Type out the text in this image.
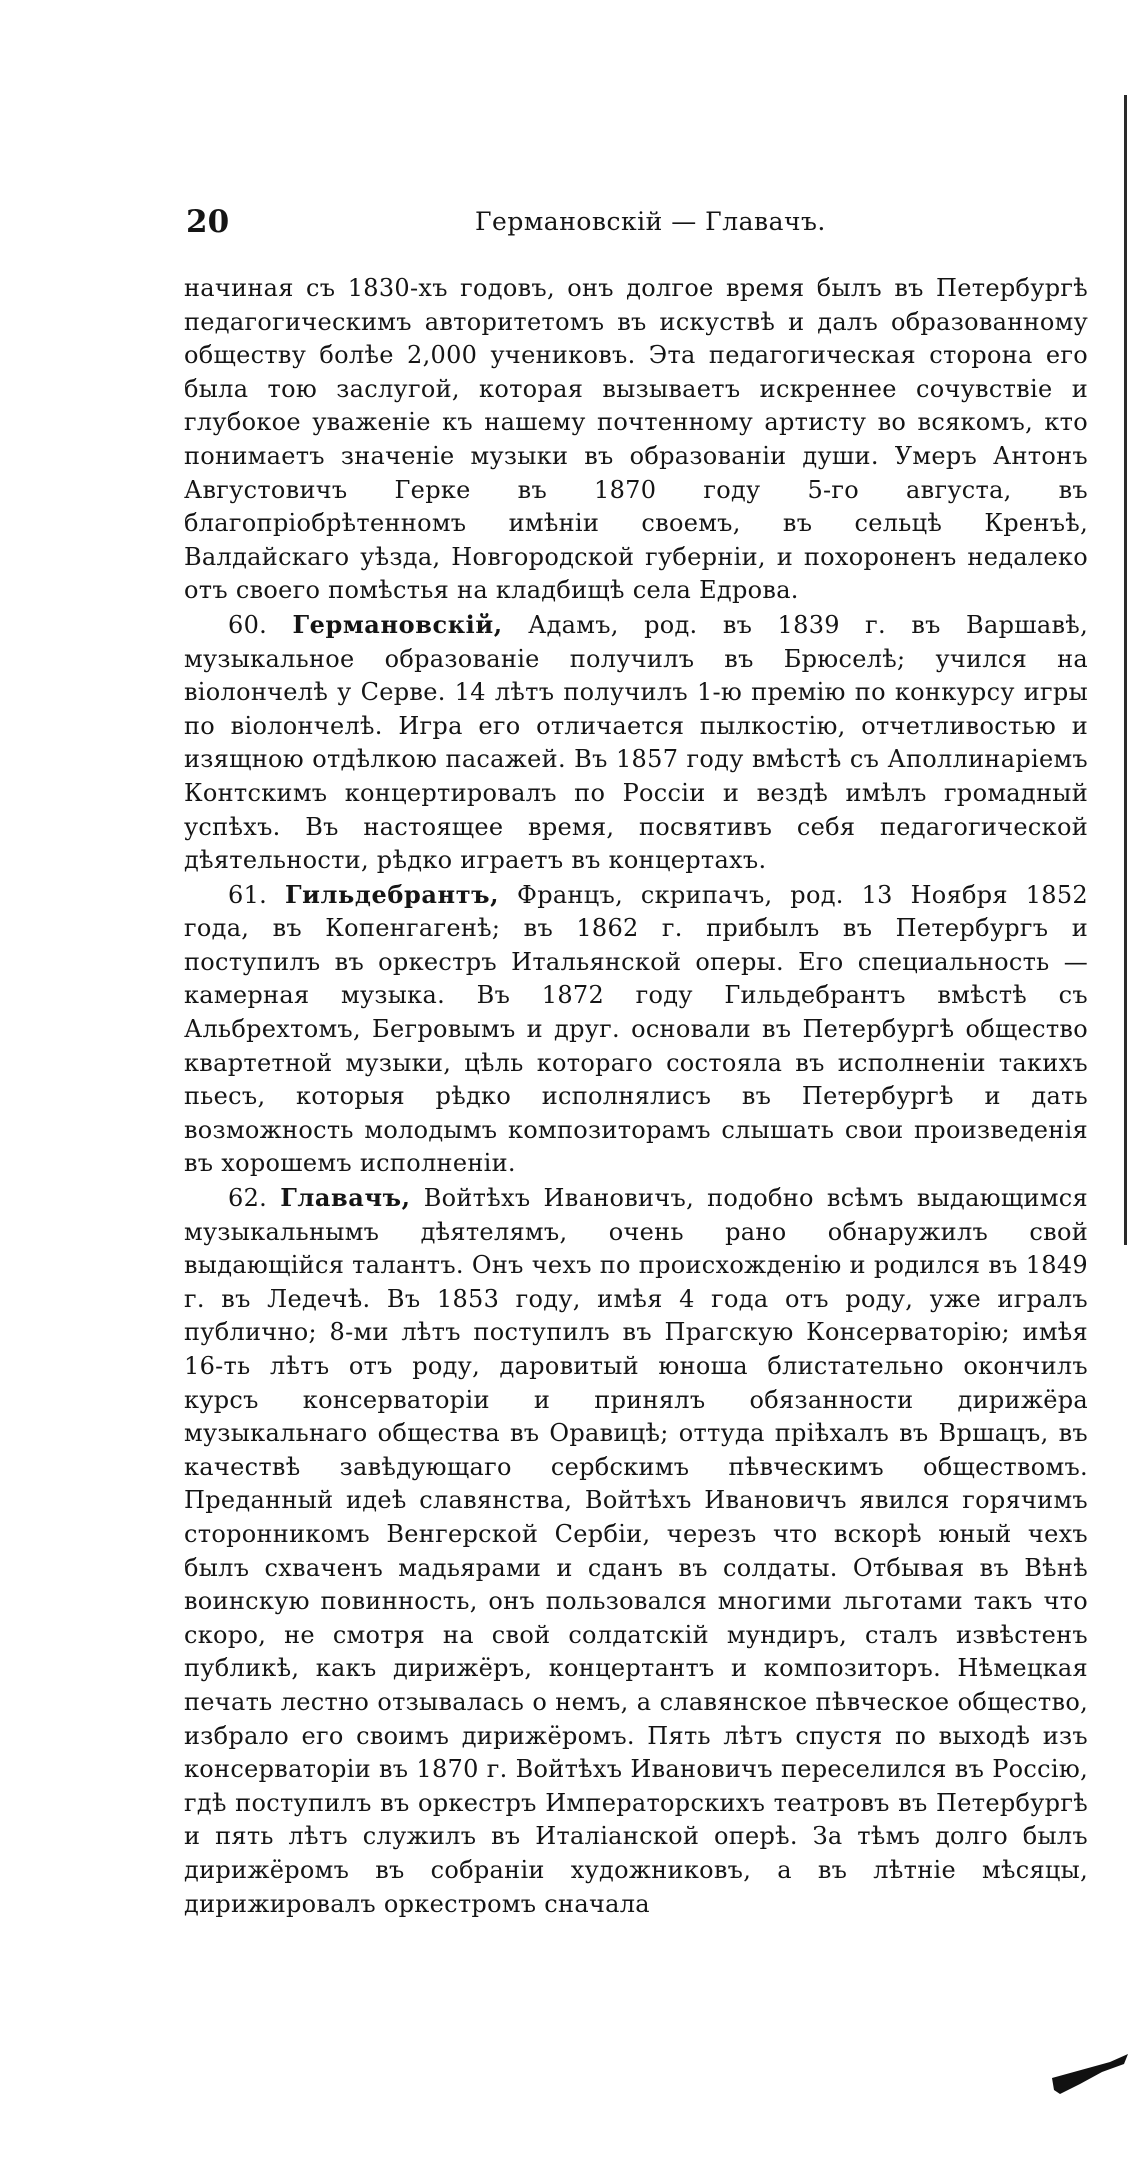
20	Германовскiй — Главачъ.

начиная съ 1830-хъ годовъ, онъ долгое время былъ въ Петербургѣ педагогическимъ авторитетомъ въ искуствѣ и далъ образованному обществу болѣе 2,000 учениковъ. Эта педагогическая сторона его была тою заслугой, которая вызываетъ искреннее сочувствiе и глубокое уваженiе къ нашему почтенному артисту во всякомъ, кто понимаетъ значенiе музыки въ образованiи души. Умеръ Антонъ Августовичъ Герке въ 1870 году 5-го августа, въ благопрiобрѣтенномъ имѣнiи своемъ, въ сельцѣ Кренъѣ, Валдайскаго уѣзда, Новгородской губернiи, и похороненъ недалеко отъ своего помѣстья на кладбищѣ села Едрова.

60. Германовскiй, Адамъ, род. въ 1839 г. въ Варшавѣ, музыкальное образованiе получилъ въ Брюселѣ; учился на вiолончелѣ у Серве. 14 лѣтъ получилъ 1-ю премiю по конкурсу игры по вiолончелѣ. Игра его отличается пылкостiю, отчетливостью и изящною отдѣлкою пасажей. Въ 1857 году вмѣстѣ съ Аполлинарiемъ Контскимъ концертировалъ по Россiи и вездѣ имѣлъ громадный успѣхъ. Въ настоящее время, посвятивъ себя педагогической дѣятельности, рѣдко играетъ въ концертахъ.

61. Гильдебрантъ, Францъ, скрипачъ, род. 13 Ноября 1852 года, въ Копенгагенѣ; въ 1862 г. прибылъ въ Петербургъ и поступилъ въ оркестръ Итальянской оперы. Его специальность — камерная музыка. Въ 1872 году Гильдебрантъ вмѣстѣ съ Альбрехтомъ, Бегровымъ и друг. основали въ Петербургѣ общество квартетной музыки, цѣль котораго состояла въ исполненiи такихъ пьесъ, которыя рѣдко исполнялисъ въ Петербургѣ и дать возможность молодымъ композиторамъ слышать свои произведенiя въ хорошемъ исполненiи.

62. Главачъ, Войтѣхъ Ивановичъ, подобно всѣмъ выдающимся музыкальнымъ дѣятелямъ, очень рано обнаружилъ свой выдающiйся талантъ. Онъ чехъ по происхожденiю и родился въ 1849 г. въ Ледечѣ. Въ 1853 году, имѣя 4 года отъ роду, уже игралъ публично; 8-ми лѣтъ поступилъ въ Прагскую Консерваторiю; имѣя 16-ть лѣтъ отъ роду, даровитый юноша блистательно окончилъ курсъ консерваторiи и принялъ обязанности дирижёра музыкальнаго общества въ Оравицѣ; оттуда прiѣхалъ въ Вршацъ, въ качествѣ завѣдующаго сербскимъ пѣвческимъ обществомъ. Преданный идеѣ славянства, Войтѣхъ Ивановичъ явился горячимъ сторонникомъ Венгерской Сербiи, черезъ что вскорѣ юный чехъ былъ схваченъ мадьярами и сданъ въ солдаты. Отбывая въ Вѣнѣ воинскую повинность, онъ пользовался многими льготами такъ что скоро, не смотря на свой солдатскiй мундиръ, сталъ извѣстенъ публикѣ, какъ дирижёръ, концертантъ и композиторъ. Нѣмецкая печать лестно отзывалась о немъ, а славянское пѣвческое общество, избрало его своимъ дирижёромъ. Пять лѣтъ спустя по выходѣ изъ консерваторiи въ 1870 г. Войтѣхъ Ивановичъ переселился въ Россiю, гдѣ поступилъ въ оркестръ Императорскихъ театровъ въ Петербургѣ и пять лѣтъ служилъ въ Италiанской оперѣ. За тѣмъ долго былъ дирижёромъ въ собранiи художниковъ, а въ лѣтнiе мѣсяцы, дирижировалъ оркестромъ сначала
